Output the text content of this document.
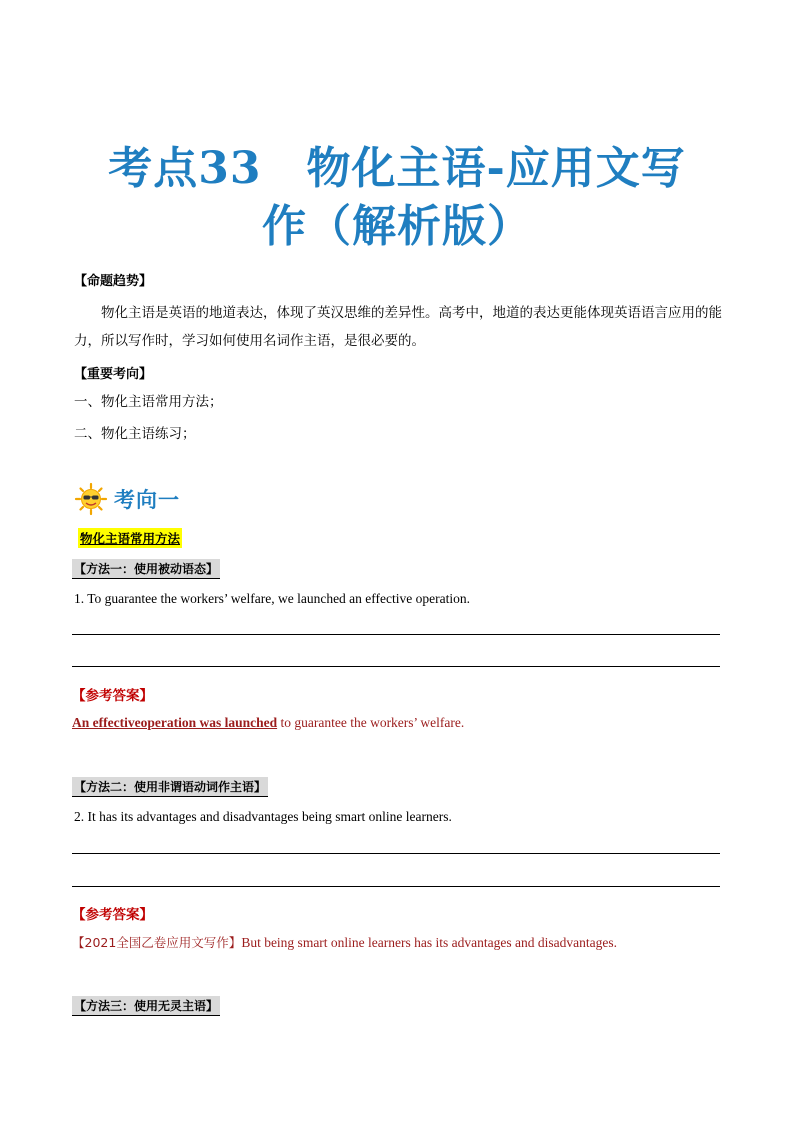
考点33　物化主语-应用文写
作（解析版）
【命题趋势】
物化主语是英语的地道表达，体现了英汉思维的差异性。高考中，地道的表达更能体现英语语言应用的能力，所以写作时，学习如何使用名词作主语，是很必要的。
【重要考向】
一、物化主语常用方法；
二、物化主语练习；
考向一
物化主语常用方法
【方法一：使用被动语态】
1. To guarantee the workers’ welfare, we launched an effective operation.
【参考答案】
An effectiveoperation was launched to guarantee the workers’ welfare.
【方法二：使用非谓语动词作主语】
2. It has its advantages and disadvantages being smart online learners.
【参考答案】
【2021全国乙卷应用文写作】But being smart online learners has its advantages and disadvantages.
【方法三：使用无灵主语】
